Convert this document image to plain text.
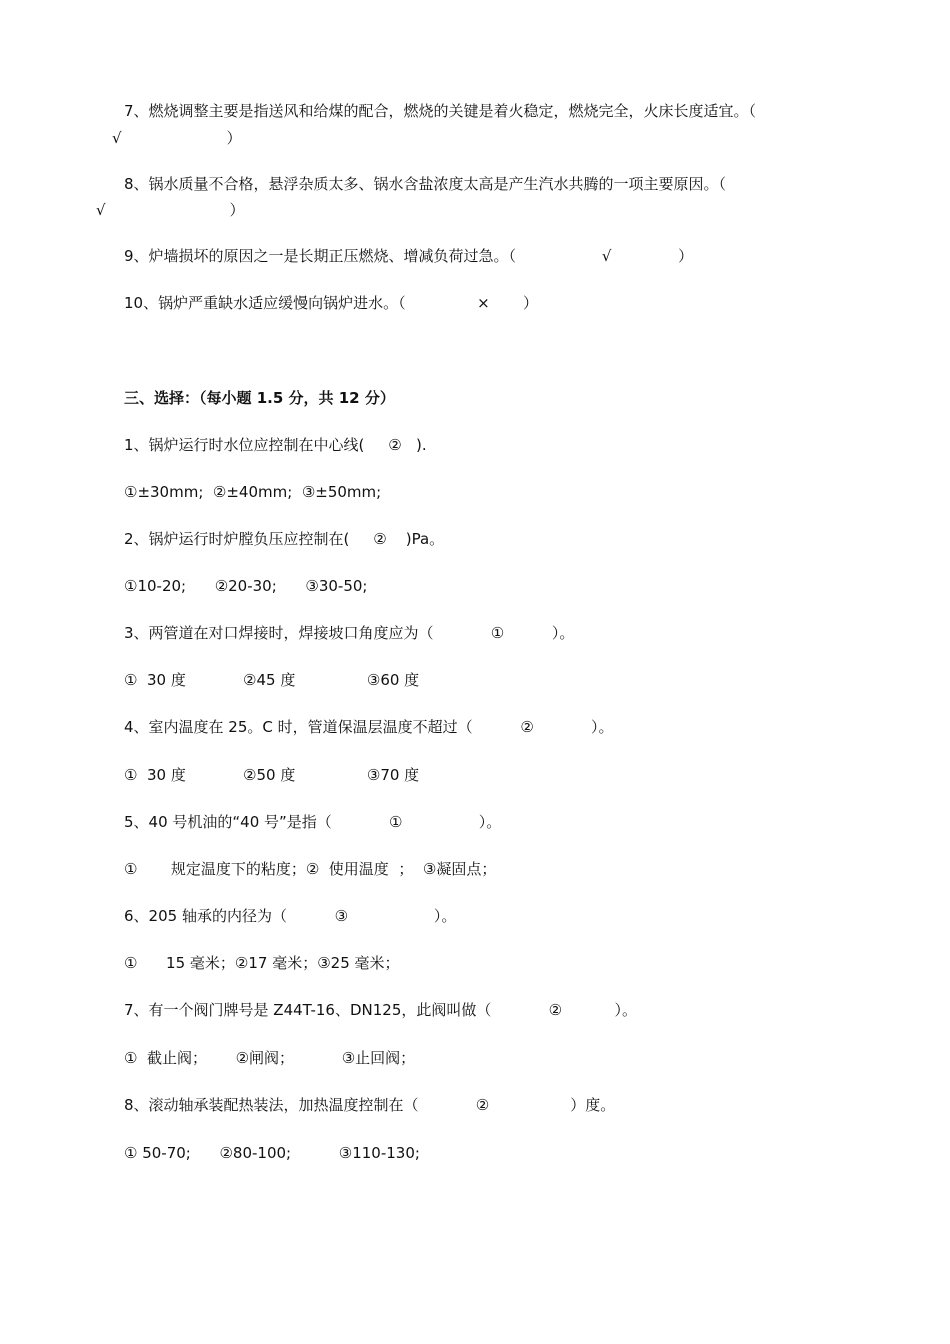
7、燃烧调整主要是指送风和给煤的配合，燃烧的关键是着火稳定，燃烧完全，火床长度适宜。（
√                      ）
8、锅水质量不合格，悬浮杂质太多、锅水含盐浓度太高是产生汽水共腾的一项主要原因。（
√                          ）
9、炉墙损坏的原因之一是长期正压燃烧、增减负荷过急。（                  √              ）
10、锅炉严重缺水适应缓慢向锅炉进水。（               ×       ）
三、选择：（每小题 1.5 分，共 12 分）
1、锅炉运行时水位应控制在中心线(     ②   ).
①±30mm;  ②±40mm;  ③±50mm;
2、锅炉运行时炉膛负压应控制在(     ②    )Pa。
①10-20;      ②20-30;      ③30-50;
3、两管道在对口焊接时，焊接坡口角度应为（            ①          ）。
①  30 度            ②45 度               ③60 度
4、室内温度在 25。C 时，管道保温层温度不超过（          ②            ）。
①  30 度            ②50 度               ③70 度
5、40 号机油的“40 号”是指（            ①                ）。
①       规定温度下的粘度；②  使用温度  ；  ③凝固点；
6、205 轴承的内径为（          ③                  ）。
①      15 毫米；②17 毫米；③25 毫米；
7、有一个阀门牌号是 Z44T-16、DN125，此阀叫做（            ②           ）。
①  截止阀；      ②闸阀；          ③止回阀；
8、滚动轴承装配热装法，加热温度控制在（            ②                 ）度。
① 50-70;      ②80-100;          ③110-130;
